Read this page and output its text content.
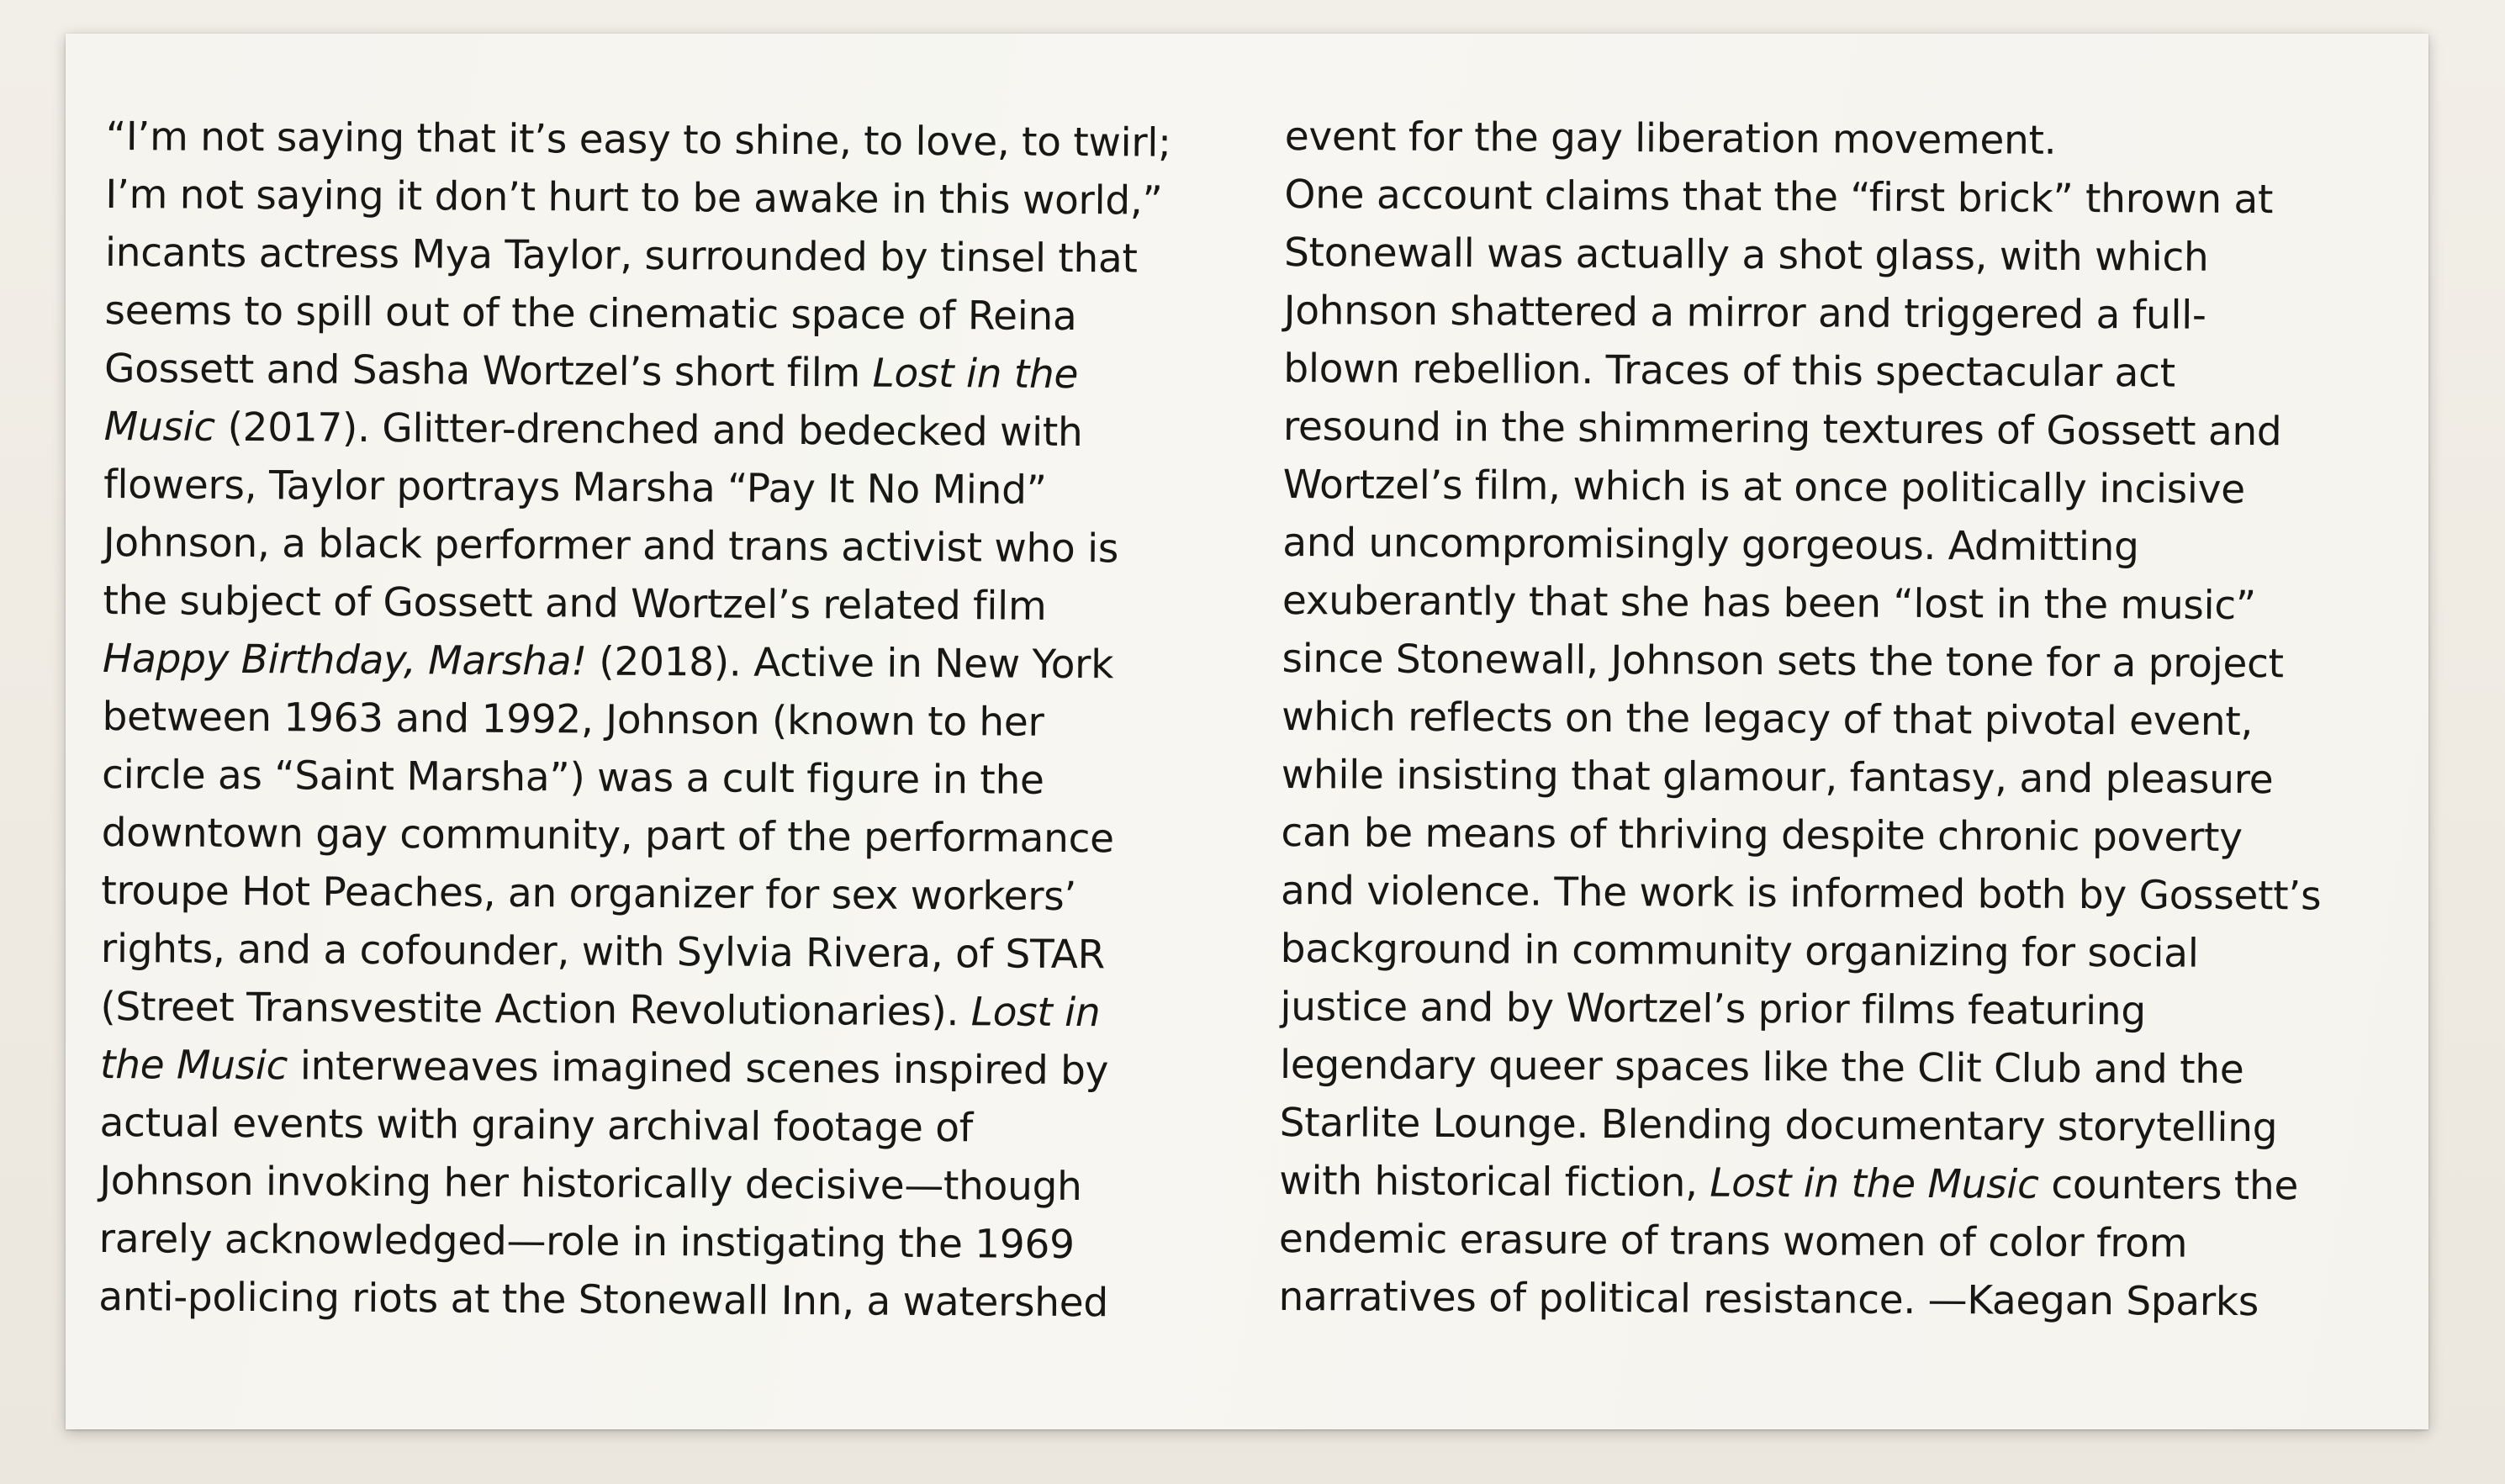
“I’m not saying that it’s easy to shine, to love, to twirl;
I’m not saying it don’t hurt to be awake in this world,”
incants actress Mya Taylor, surrounded by tinsel that
seems to spill out of the cinematic space of Reina
Gossett and Sasha Wortzel’s short film Lost in the
Music (2017). Glitter-drenched and bedecked with
flowers, Taylor portrays Marsha “Pay It No Mind”
Johnson, a black performer and trans activist who is
the subject of Gossett and Wortzel’s related film
Happy Birthday, Marsha! (2018). Active in New York
between 1963 and 1992, Johnson (known to her
circle as “Saint Marsha”) was a cult figure in the
downtown gay community, part of the performance
troupe Hot Peaches, an organizer for sex workers’
rights, and a cofounder, with Sylvia Rivera, of STAR
(Street Transvestite Action Revolutionaries). Lost in
the Music interweaves imagined scenes inspired by
actual events with grainy archival footage of
Johnson invoking her historically decisive—though
rarely acknowledged—role in instigating the 1969
anti-policing riots at the Stonewall Inn, a watershed
event for the gay liberation movement.
One account claims that the “first brick” thrown at
Stonewall was actually a shot glass, with which
Johnson shattered a mirror and triggered a full-
blown rebellion. Traces of this spectacular act
resound in the shimmering textures of Gossett and
Wortzel’s film, which is at once politically incisive
and uncompromisingly gorgeous. Admitting
exuberantly that she has been “lost in the music”
since Stonewall, Johnson sets the tone for a project
which reflects on the legacy of that pivotal event,
while insisting that glamour, fantasy, and pleasure
can be means of thriving despite chronic poverty
and violence. The work is informed both by Gossett’s
background in community organizing for social
justice and by Wortzel’s prior films featuring
legendary queer spaces like the Clit Club and the
Starlite Lounge. Blending documentary storytelling
with historical fiction, Lost in the Music counters the
endemic erasure of trans women of color from
narratives of political resistance. —Kaegan Sparks
